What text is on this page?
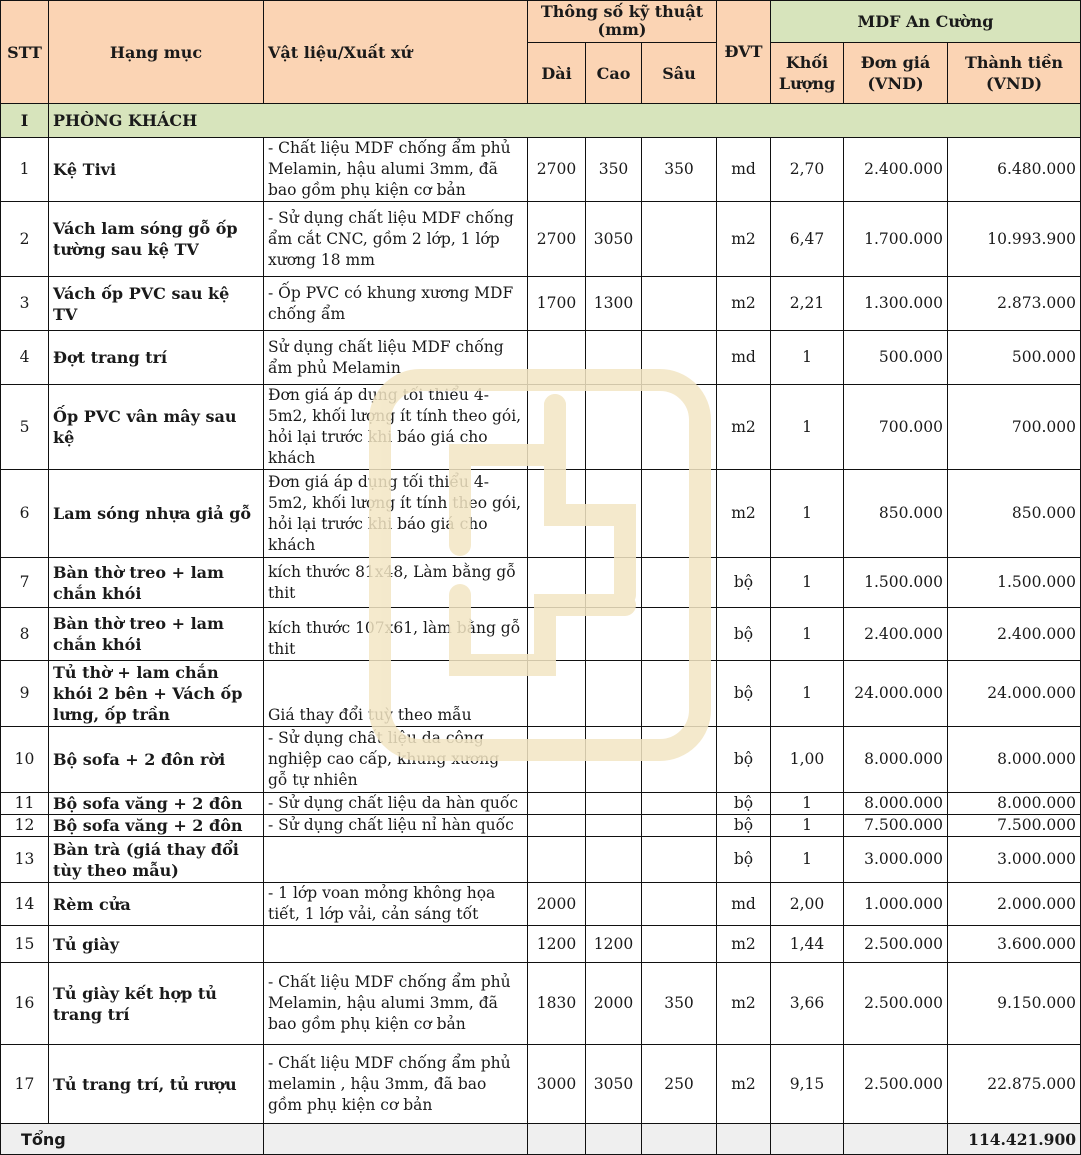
STT	Hạng mục	Vật liệu/Xuất xứ	Thông số kỹ thuật (mm)			ĐVT	MDF An Cường		
			Dài	Cao	Sâu		Khối Lượng	Đơn giá (VND)	Thành tiền (VND)
I	PHÒNG KHÁCH								
1	Kệ Tivi	- Chất liệu MDF chống ẩm phủ Melamin, hậu alumi 3mm, đã bao gồm phụ kiện cơ bản	2700	350	350	md	2,70	2.400.000	6.480.000
2	Vách lam sóng gỗ ốp tường sau kệ TV	- Sử dụng chất liệu MDF chống ẩm cắt CNC, gồm 2 lớp, 1 lớp xương 18 mm	2700	3050		m2	6,47	1.700.000	10.993.900
3	Vách ốp PVC sau kệ TV	- Ốp PVC có khung xương MDF chống ẩm	1700	1300		m2	2,21	1.300.000	2.873.000
4	Đợt trang trí	Sử dụng chất liệu MDF chống ẩm phủ Melamin				md	1	500.000	500.000
5	Ốp PVC vân mây sau kệ	Đơn giá áp dụng tối thiểu 4-5m2, khối lượng ít tính theo gói, hỏi lại trước khi báo giá cho khách				m2	1	700.000	700.000
6	Lam sóng nhựa giả gỗ	Đơn giá áp dụng tối thiểu 4-5m2, khối lượng ít tính theo gói, hỏi lại trước khi báo giá cho khách				m2	1	850.000	850.000
7	Bàn thờ treo + lam chắn khói	kích thước 81x48, Làm bằng gỗ thit				bộ	1	1.500.000	1.500.000
8	Bàn thờ treo + lam chắn khói	kích thước 107x61, làm bằng gỗ thit				bộ	1	2.400.000	2.400.000
9	Tủ thờ + lam chắn khói 2 bên + Vách ốp lưng, ốp trần	Giá thay đổi tuỳ theo mẫu				bộ	1	24.000.000	24.000.000
10	Bộ sofa + 2 đôn rời	- Sử dụng chất liệu da công nghiệp cao cấp, khung xương gỗ tự nhiên				bộ	1,00	8.000.000	8.000.000
11	Bộ sofa văng + 2 đôn	- Sử dụng chất liệu da hàn quốc				bộ	1	8.000.000	8.000.000
12	Bộ sofa văng + 2 đôn	- Sử dụng chất liệu nỉ hàn quốc				bộ	1	7.500.000	7.500.000
13	Bàn trà (giá thay đổi tùy theo mẫu)					bộ	1	3.000.000	3.000.000
14	Rèm cửa	- 1 lớp voan mỏng không họa tiết, 1 lớp vải, cản sáng tốt	2000			md	2,00	1.000.000	2.000.000
15	Tủ giày		1200	1200		m2	1,44	2.500.000	3.600.000
16	Tủ giày kết hợp tủ trang trí	- Chất liệu MDF chống ẩm phủ Melamin, hậu alumi 3mm, đã bao gồm phụ kiện cơ bản	1830	2000	350	m2	3,66	2.500.000	9.150.000
17	Tủ trang trí, tủ rượu	- Chất liệu MDF chống ẩm phủ melamin , hậu 3mm, đã bao gồm phụ kiện cơ bản	3000	3050	250	m2	9,15	2.500.000	22.875.000
Tổng									114.421.900
